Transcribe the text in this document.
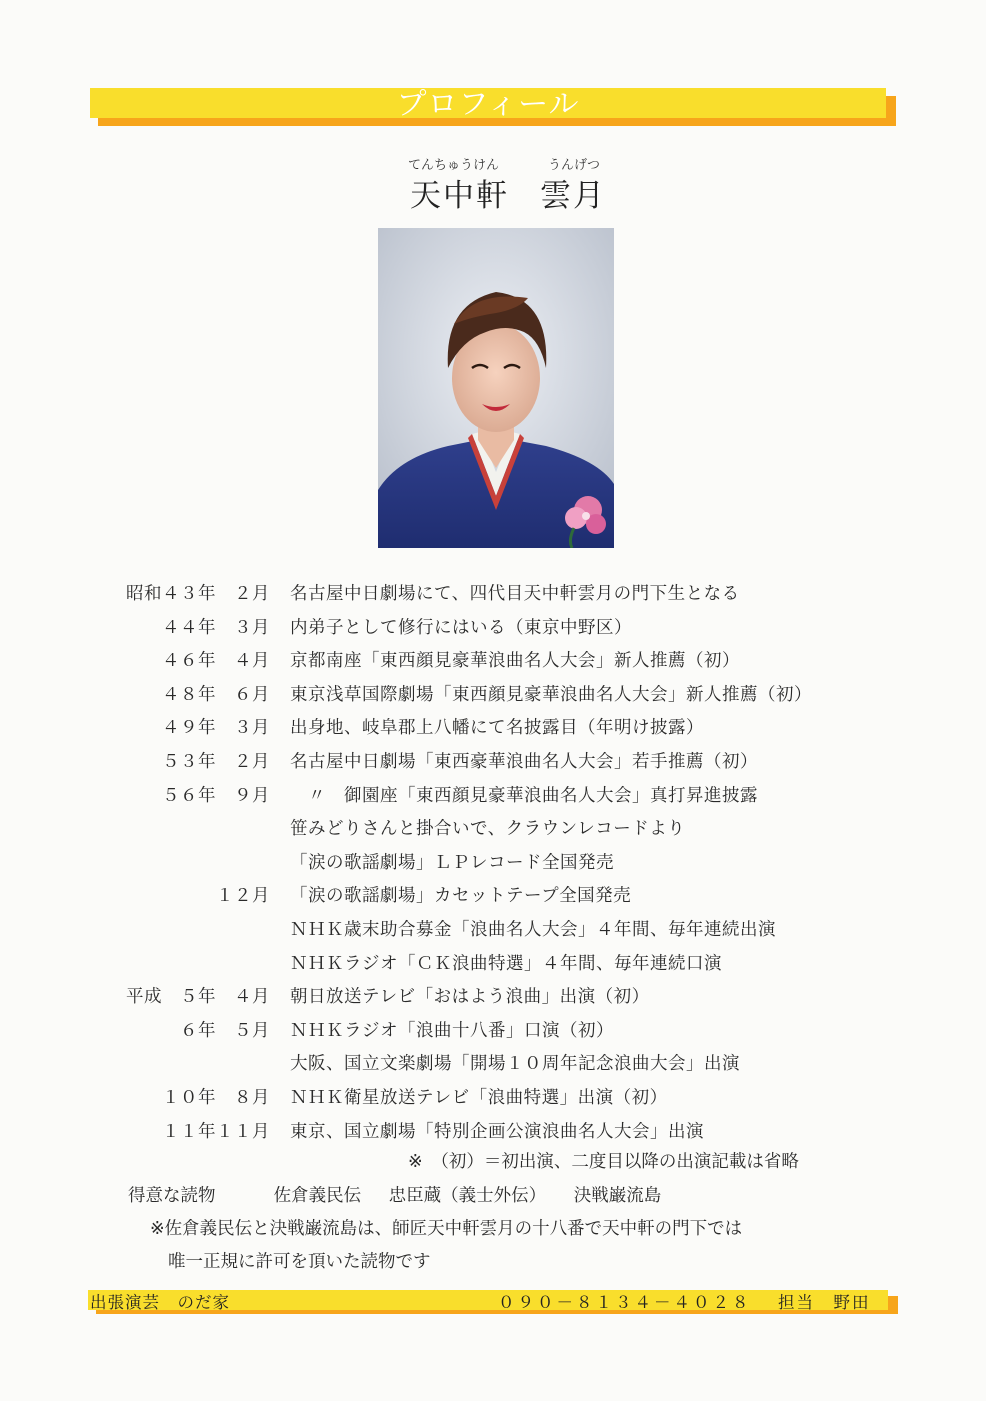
プロフィール
てんちゅうけん	うんげつ
天中軒 雲月
昭和４３年　２月 名古屋中日劇場にて、四代目天中軒雲月の門下生となる
４４年　３月 内弟子として修行にはいる（東京中野区）
４６年　４月 京都南座「東西顔見豪華浪曲名人大会」新人推薦（初）
４８年　６月 東京浅草国際劇場「東西顔見豪華浪曲名人大会」新人推薦（初）
４９年　３月 出身地、岐阜郡上八幡にて名披露目（年明け披露）
５３年　２月 名古屋中日劇場「東西豪華浪曲名人大会」若手推薦（初）
５６年　９月 　〃　御園座「東西顔見豪華浪曲名人大会」真打昇進披露
笹みどりさんと掛合いで、クラウンレコードより
「涙の歌謡劇場」ＬＰレコード全国発売
１２月 「涙の歌謡劇場」カセットテープ全国発売
ＮＨＫ歳末助合募金「浪曲名人大会」４年間、毎年連続出演
ＮＨＫラジオ「ＣＫ浪曲特選」４年間、毎年連続口演
平成　５年　４月 朝日放送テレビ「おはよう浪曲」出演（初）
６年　５月 ＮＨＫラジオ「浪曲十八番」口演（初）
大阪、国立文楽劇場「開場１０周年記念浪曲大会」出演
１０年　８月 ＮＨＫ衛星放送テレビ「浪曲特選」出演（初）
１１年１１月 東京、国立劇場「特別企画公演浪曲名人大会」出演
※　（初）＝初出演、二度目以降の出演記載は省略
得意な読物	佐倉義民伝 忠臣蔵（義士外伝） 決戦巌流島
※佐倉義民伝と決戦巌流島は、師匠天中軒雲月の十八番で天中軒の門下では
唯一正規に許可を頂いた読物です
出張演芸　のだ家	０９０－８１３４－４０２８ 担当　野田
